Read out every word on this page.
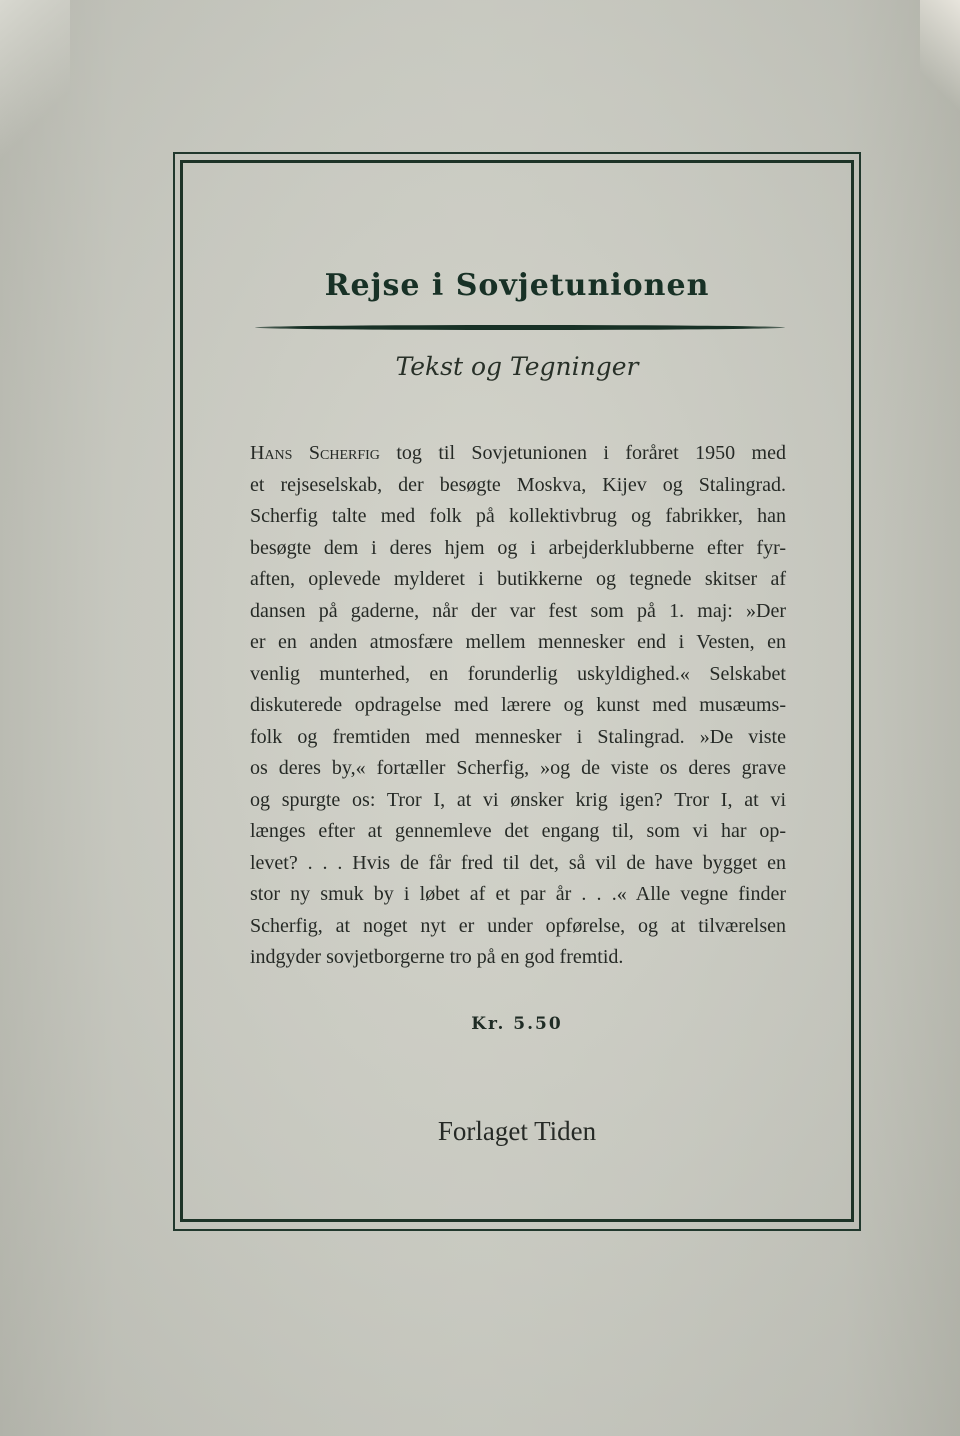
Rejse i Sovjetunionen

Tekst og Tegninger

Hans Scherfig tog til Sovjetunionen i foråret 1950 med
et rejseselskab, der besøgte Moskva, Kijev og Stalingrad.
Scherfig talte med folk på kollektivbrug og fabrikker, han
besøgte dem i deres hjem og i arbejderklubberne efter fyr-
aften, oplevede mylderet i butikkerne og tegnede skitser af
dansen på gaderne, når der var fest som på 1. maj: »Der
er en anden atmosfære mellem mennesker end i Vesten, en
venlig munterhed, en forunderlig uskyldighed.« Selskabet
diskuterede opdragelse med lærere og kunst med musæums-
folk og fremtiden med mennesker i Stalingrad. »De viste
os deres by,« fortæller Scherfig, »og de viste os deres grave
og spurgte os: Tror I, at vi ønsker krig igen? Tror I, at vi
længes efter at gennemleve det engang til, som vi har op-
levet? . . . Hvis de får fred til det, så vil de have bygget en
stor ny smuk by i løbet af et par år . . .« Alle vegne finder
Scherfig, at noget nyt er under opførelse, og at tilværelsen
indgyder sovjetborgerne tro på en god fremtid.

Kr. 5.50

Forlaget Tiden
